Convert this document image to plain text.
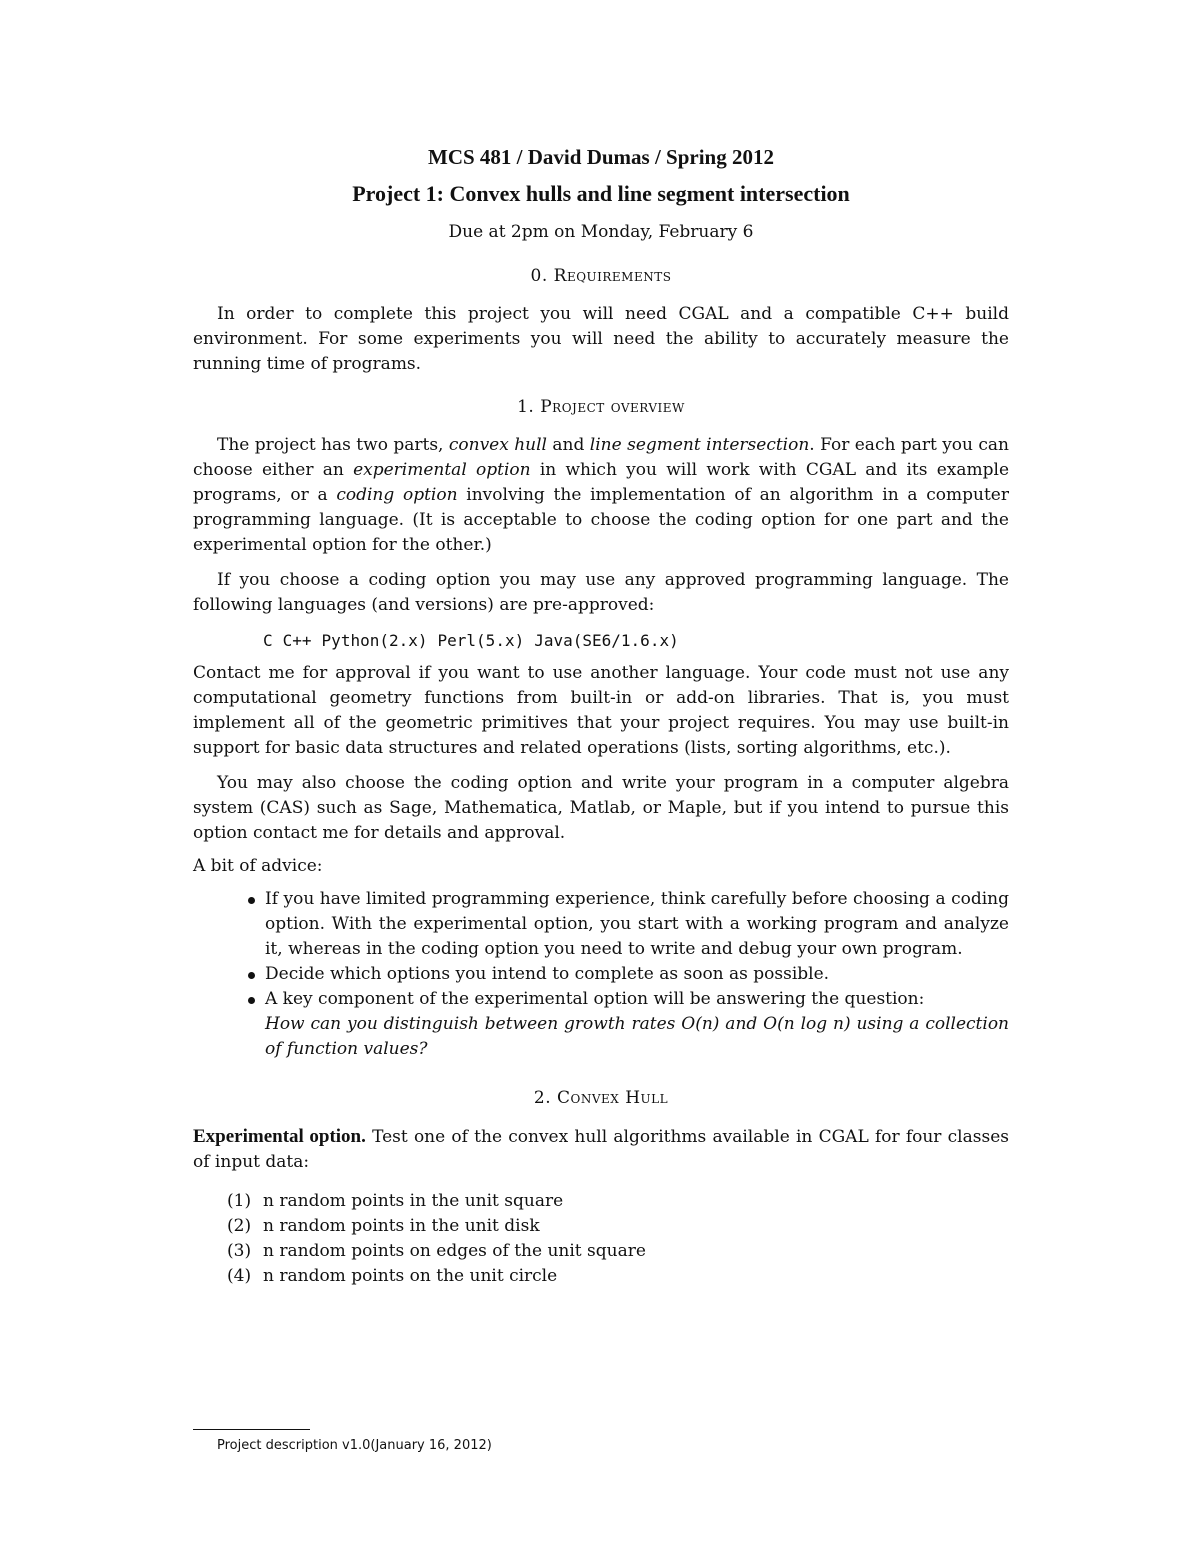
MCS 481 / David Dumas / Spring 2012
Project 1: Convex hulls and line segment intersection
Due at 2pm on Monday, February 6
0. Requirements

In order to complete this project you will need CGAL and a compatible C++ build environment. For some experiments you will need the ability to accurately measure the running time of programs.

1. Project overview

The project has two parts, convex hull and line segment intersection. For each part you can choose either an experimental option in which you will work with CGAL and its example programs, or a coding option involving the implementation of an algorithm in a computer programming language. (It is acceptable to choose the coding option for one part and the experimental option for the other.)

If you choose a coding option you may use any approved programming language. The following languages (and versions) are pre-approved:

C C++ Python(2.x) Perl(5.x) Java(SE6/1.6.x)

Contact me for approval if you want to use another language. Your code must not use any computational geometry functions from built-in or add-on libraries. That is, you must implement all of the geometric primitives that your project requires. You may use built-in support for basic data structures and related operations (lists, sorting algorithms, etc.).

You may also choose the coding option and write your program in a computer algebra system (CAS) such as Sage, Mathematica, Matlab, or Maple, but if you intend to pursue this option contact me for details and approval.

A bit of advice:
If you have limited programming experience, think carefully before choosing a coding option. With the experimental option, you start with a working program and analyze it, whereas in the coding option you need to write and debug your own program.
Decide which options you intend to complete as soon as possible.
A key component of the experimental option will be answering the question:
How can you distinguish between growth rates O(n) and O(n log n) using a collection of function values?
2. Convex Hull

Experimental option. Test one of the convex hull algorithms available in CGAL for four classes of input data:

(1) n random points in the unit square
(2) n random points in the unit disk
(3) n random points on edges of the unit square
(4) n random points on the unit circle
Project description v1.0(January 16, 2012)
